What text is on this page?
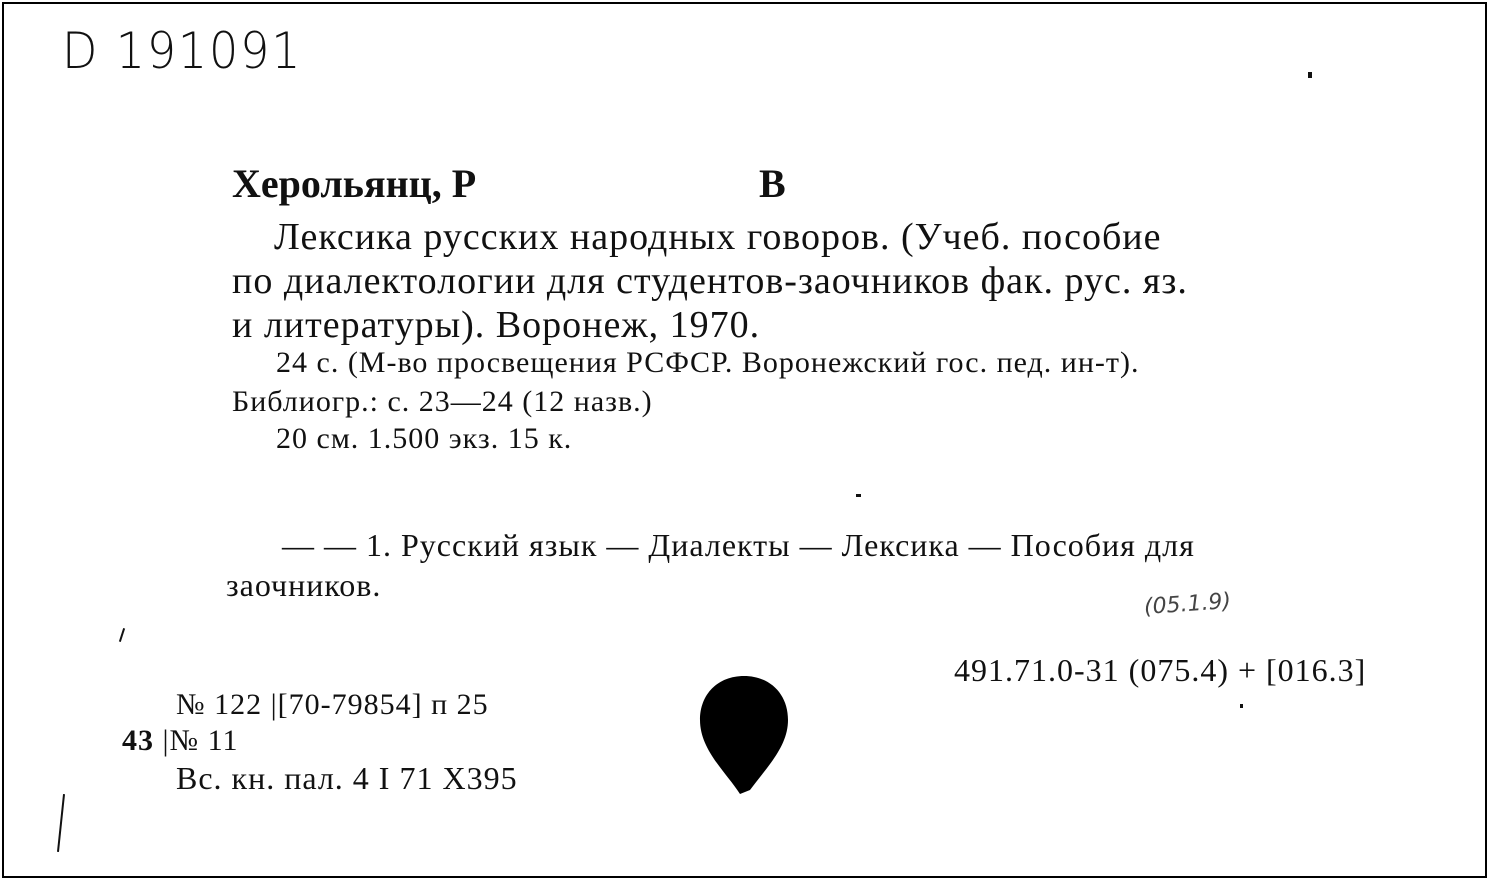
D 191091
Херольянц, Р	В
Лексика русских народных говоров. (Учеб. пособие
по диалектологии для студентов-заочников фак. рус. яз.
и литературы). Воронеж, 1970.
24 с. (М-во просвещения РСФСР. Воронежский гос. пед. ин-т).
Библиогр.: с. 23—24 (12 назв.)
20 см. 1.500 экз. 15 к.
— — 1. Русский язык — Диалекты — Лексика — Пособия для
заочников.
(05.1.9)
491.71.0-31 (075.4) + [016.3]
№ 122 |[70-79854] п 25
43 |№ 11
Вс. кн. пал. 4 I 71 Х395
